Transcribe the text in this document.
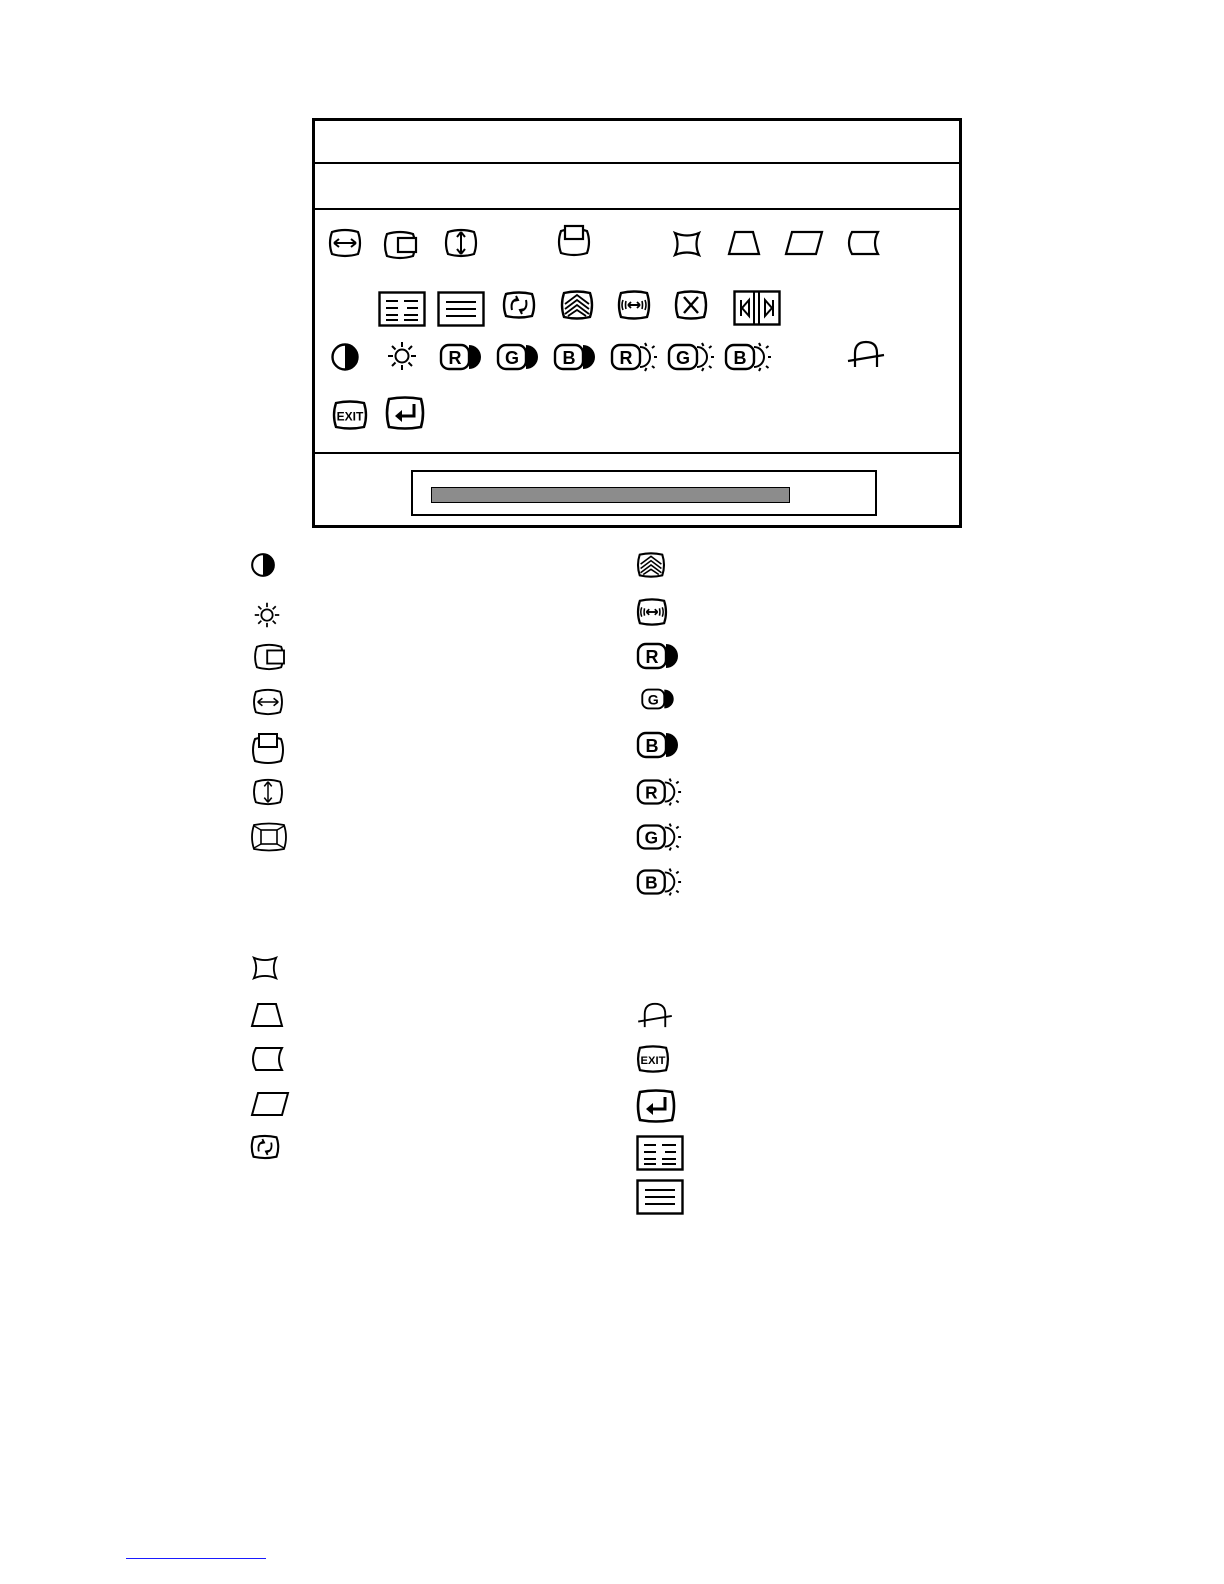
R G B R G B
EXIT
R
G
B
R
G
B
EXIT
